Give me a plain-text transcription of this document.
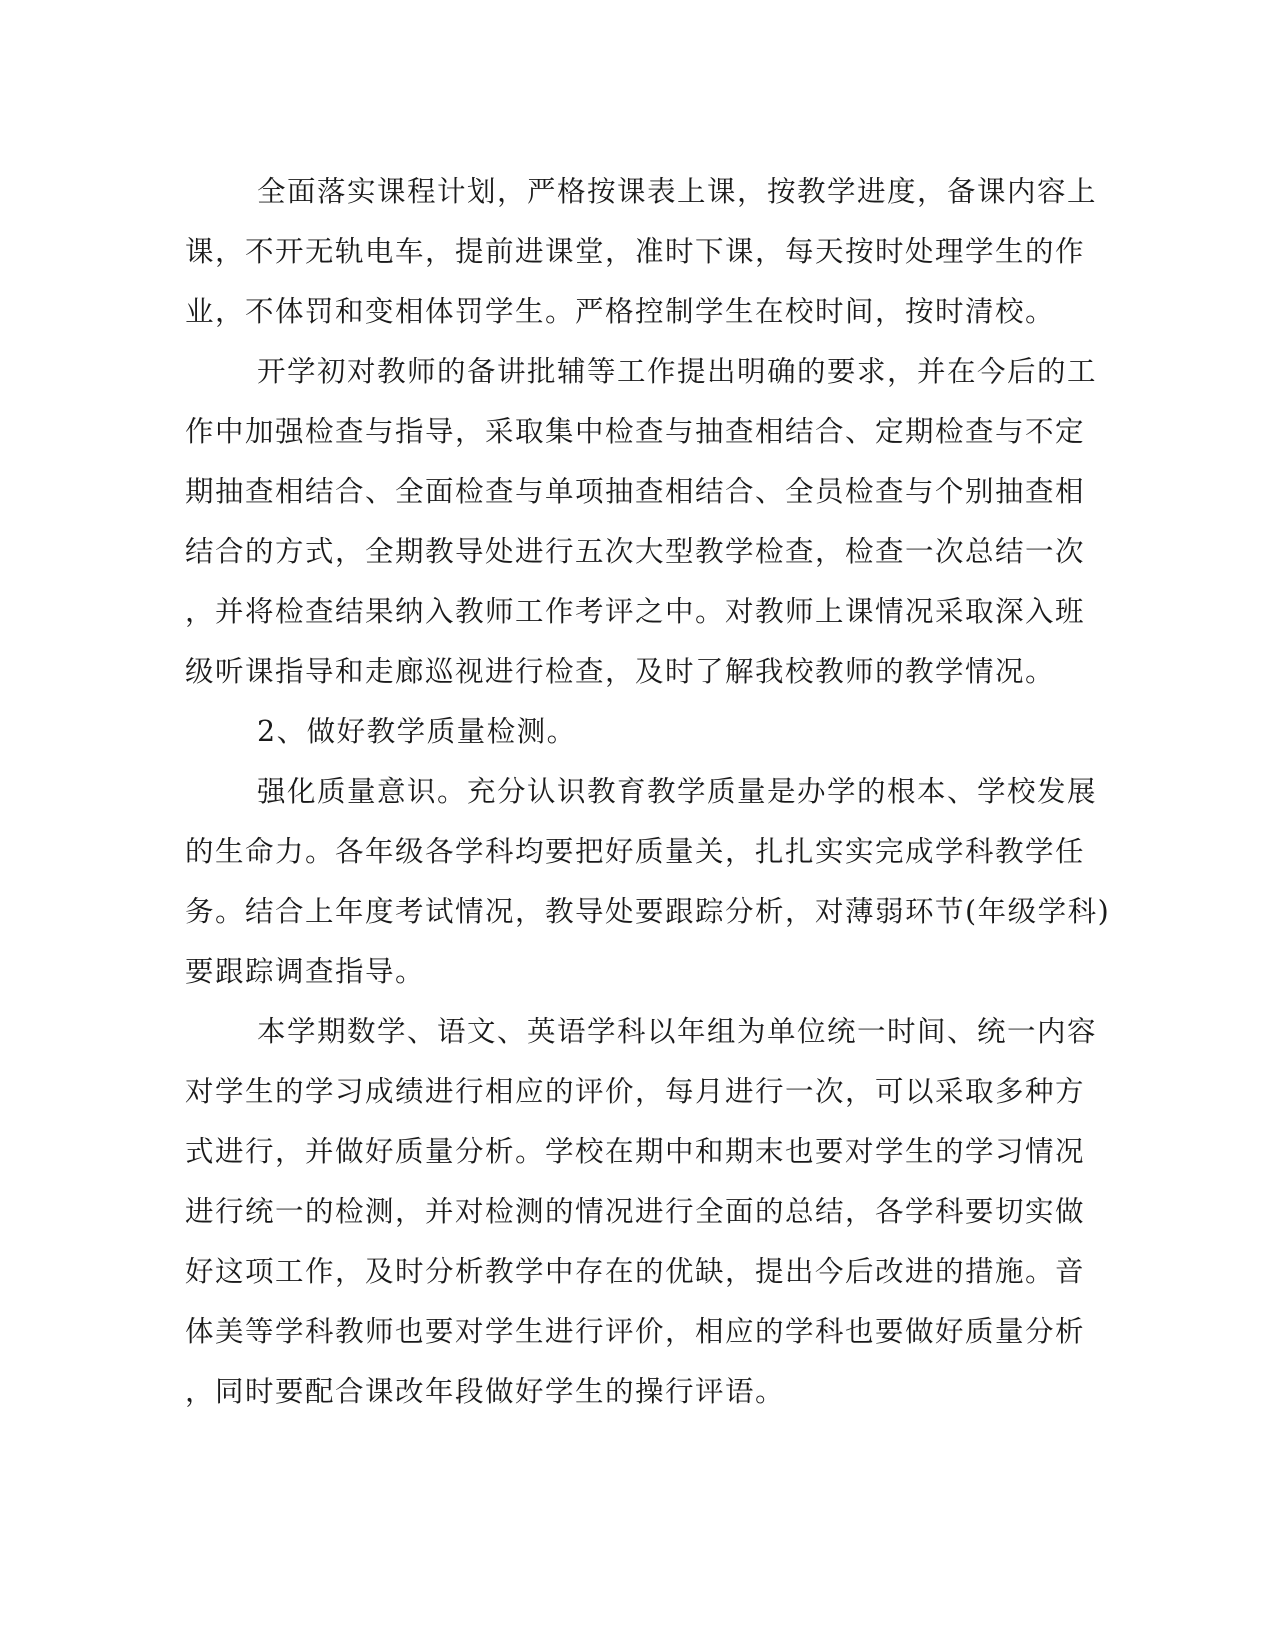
全面落实课程计划，严格按课表上课，按教学进度，备课内容上
课，不开无轨电车，提前进课堂，准时下课，每天按时处理学生的作
业，不体罚和变相体罚学生。严格控制学生在校时间，按时清校。
开学初对教师的备讲批辅等工作提出明确的要求，并在今后的工
作中加强检查与指导，采取集中检查与抽查相结合、定期检查与不定
期抽查相结合、全面检查与单项抽查相结合、全员检查与个别抽查相
结合的方式，全期教导处进行五次大型教学检查，检查一次总结一次
，并将检查结果纳入教师工作考评之中。对教师上课情况采取深入班
级听课指导和走廊巡视进行检查，及时了解我校教师的教学情况。
2、做好教学质量检测。
强化质量意识。充分认识教育教学质量是办学的根本、学校发展
的生命力。各年级各学科均要把好质量关，扎扎实实完成学科教学任
务。结合上年度考试情况，教导处要跟踪分析，对薄弱环节(年级学科)
要跟踪调查指导。
本学期数学、语文、英语学科以年组为单位统一时间、统一内容
对学生的学习成绩进行相应的评价，每月进行一次，可以采取多种方
式进行，并做好质量分析。学校在期中和期末也要对学生的学习情况
进行统一的检测，并对检测的情况进行全面的总结，各学科要切实做
好这项工作，及时分析教学中存在的优缺，提出今后改进的措施。音
体美等学科教师也要对学生进行评价，相应的学科也要做好质量分析
，同时要配合课改年段做好学生的操行评语。
